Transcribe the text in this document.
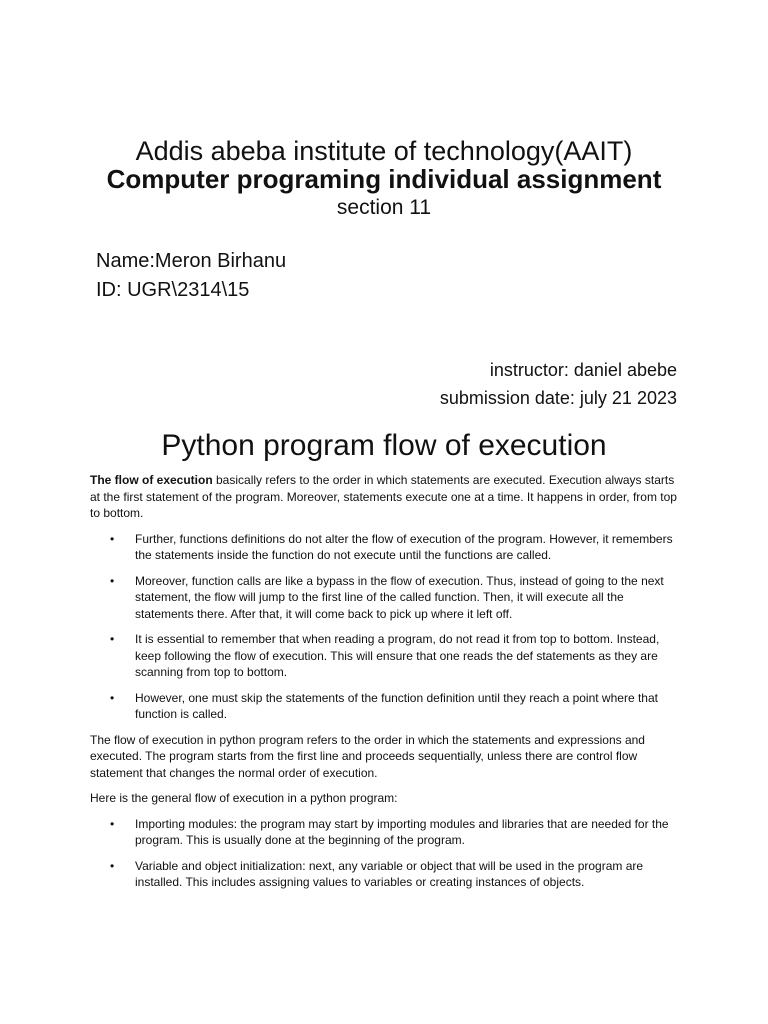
Addis abeba institute of technology(AAIT)
Computer programing individual assignment
section 11
Name:Meron Birhanu
ID: UGR\2314\15
instructor: daniel abebe
submission date: july 21 2023
Python program flow of execution

The flow of execution basically refers to the order in which statements are executed. Execution always starts at the first statement of the program. Moreover, statements execute one at a time. It happens in order, from top to bottom.

• Further, functions definitions do not alter the flow of execution of the program. However, it remembers the statements inside the function do not execute until the functions are called.
• Moreover, function calls are like a bypass in the flow of execution. Thus, instead of going to the next statement, the flow will jump to the first line of the called function. Then, it will execute all the statements there. After that, it will come back to pick up where it left off.
• It is essential to remember that when reading a program, do not read it from top to bottom. Instead, keep following the flow of execution. This will ensure that one reads the def statements as they are scanning from top to bottom.
• However, one must skip the statements of the function definition until they reach a point where that function is called.

The flow of execution in python program refers to the order in which the statements and expressions and executed. The program starts from the first line and proceeds sequentially, unless there are control flow statement that changes the normal order of execution.

Here is the general flow of execution in a python program:

• Importing modules: the program may start by importing modules and libraries that are needed for the program. This is usually done at the beginning of the program.
• Variable and object initialization: next, any variable or object that will be used in the program are installed. This includes assigning values to variables or creating instances of objects.
